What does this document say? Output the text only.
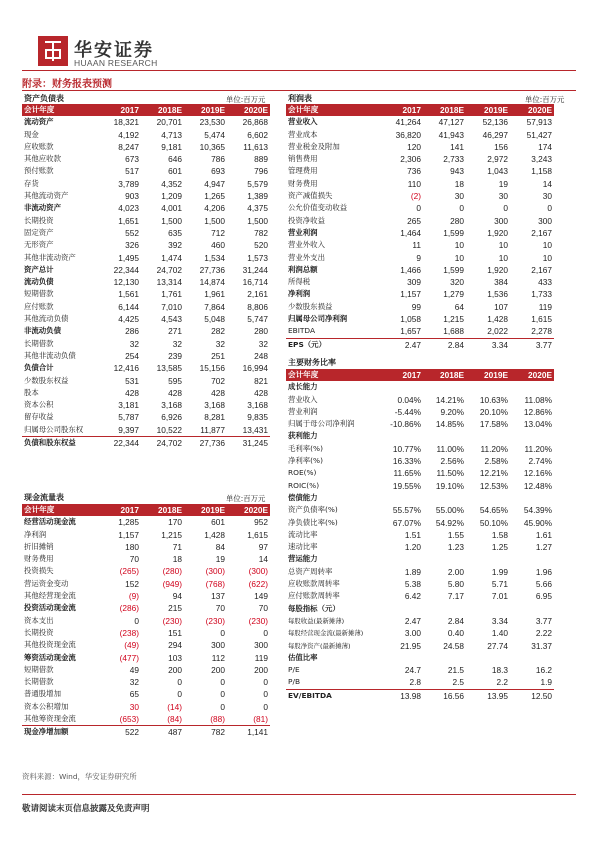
华安证券
HUAAN RESEARCH
附录：财务报表预测
资产负债表	单位:百万元	利润表	单位:百万元
主要财务比率
现金流量表	单位:百万元
会计年度	2017	2018E	2019E	2020E
流动资产	18,321	20,701	23,530	26,868
现金	4,192	4,713	5,474	6,602
应收账款	8,247	9,181	10,365	11,613
其他应收款	673	646	786	889
预付账款	517	601	693	796
存货	3,789	4,352	4,947	5,579
其他流动资产	903	1,209	1,265	1,389
非流动资产	4,023	4,001	4,206	4,375
长期投资	1,651	1,500	1,500	1,500
固定资产	552	635	712	782
无形资产	326	392	460	520
其他非流动资产	1,495	1,474	1,534	1,573
资产总计	22,344	24,702	27,736	31,244
流动负债	12,130	13,314	14,874	16,714
短期借款	1,561	1,761	1,961	2,161
应付账款	6,144	7,010	7,864	8,806
其他流动负债	4,425	4,543	5,048	5,747
非流动负债	286	271	282	280
长期借款	32	32	32	32
其他非流动负债	254	239	251	248
负债合计	12,416	13,585	15,156	16,994
少数股东权益	531	595	702	821
股本	428	428	428	428
资本公积	3,181	3,168	3,168	3,168
留存收益	5,787	6,926	8,281	9,835
归属母公司股东权	9,397	10,522	11,877	13,431
负债和股东权益	22,344	24,702	27,736	31,245
会计年度	2017	2018E	2019E	2020E
营业收入	41,264	47,127	52,136	57,913
营业成本	36,820	41,943	46,297	51,427
营业税金及附加	120	141	156	174
销售费用	2,306	2,733	2,972	3,243
管理费用	736	943	1,043	1,158
财务费用	110	18	19	14
资产减值损失	(2)	30	30	30
公允价值变动收益	0	0	0	0
投资净收益	265	280	300	300
营业利润	1,464	1,599	1,920	2,167
营业外收入	11	10	10	10
营业外支出	9	10	10	10
利润总额	1,466	1,599	1,920	2,167
所得税	309	320	384	433
净利润	1,157	1,279	1,536	1,733
少数股东损益	99	64	107	119
归属母公司净利润	1,058	1,215	1,428	1,615
EBITDA	1,657	1,688	2,022	2,278
EPS（元）	2.47	2.84	3.34	3.77
会计年度	2017	2018E	2019E	2020E
成长能力				
营业收入	0.04%	14.21%	10.63%	11.08%
营业利润	-5.44%	9.20%	20.10%	12.86%
归属于母公司净利润	-10.86%	14.85%	17.58%	13.04%
获利能力				
毛利率(%)	10.77%	11.00%	11.20%	11.20%
净利率(%)	16.33%	2.56%	2.58%	2.74%
ROE(%)	11.65%	11.50%	12.21%	12.16%
ROIC(%)	19.55%	19.10%	12.53%	12.48%
偿债能力				
资产负债率(%)	55.57%	55.00%	54.65%	54.39%
净负债比率(%)	67.07%	54.92%	50.10%	45.90%
流动比率	1.51	1.55	1.58	1.61
速动比率	1.20	1.23	1.25	1.27
营运能力				
总资产周转率	1.89	2.00	1.99	1.96
应收账款周转率	5.38	5.80	5.71	5.66
应付账款周转率	6.42	7.17	7.01	6.95
每股指标（元）				
每股收益(最新摊薄)	2.47	2.84	3.34	3.77
每股经营现金流(最新摊薄)	3.00	0.40	1.40	2.22
每股净资产(最新摊薄)	21.95	24.58	27.74	31.37
估值比率				
P/E	24.7	21.5	18.3	16.2
P/B	2.8	2.5	2.2	1.9
EV/EBITDA	13.98	16.56	13.95	12.50
会计年度	2017	2018E	2019E	2020E
经营活动现金流	1,285	170	601	952
净利润	1,157	1,215	1,428	1,615
折旧摊销	180	71	84	97
财务费用	70	18	19	14
投资损失	(265)	(280)	(300)	(300)
营运资金变动	152	(949)	(768)	(622)
其他经营现金流	(9)	94	137	149
投资活动现金流	(286)	215	70	70
资本支出	0	(230)	(230)	(230)
长期投资	(238)	151	0	0
其他投资现金流	(49)	294	300	300
筹资活动现金流	(477)	103	112	119
短期借款	49	200	200	200
长期借款	32	0	0	0
普通股增加	65	0	0	0
资本公积增加	30	(14)	0	0
其他筹资现金流	(653)	(84)	(88)	(81)
现金净增加额	522	487	782	1,141
资料来源：Wind，华安证券研究所
敬请阅读末页信息披露及免责声明
